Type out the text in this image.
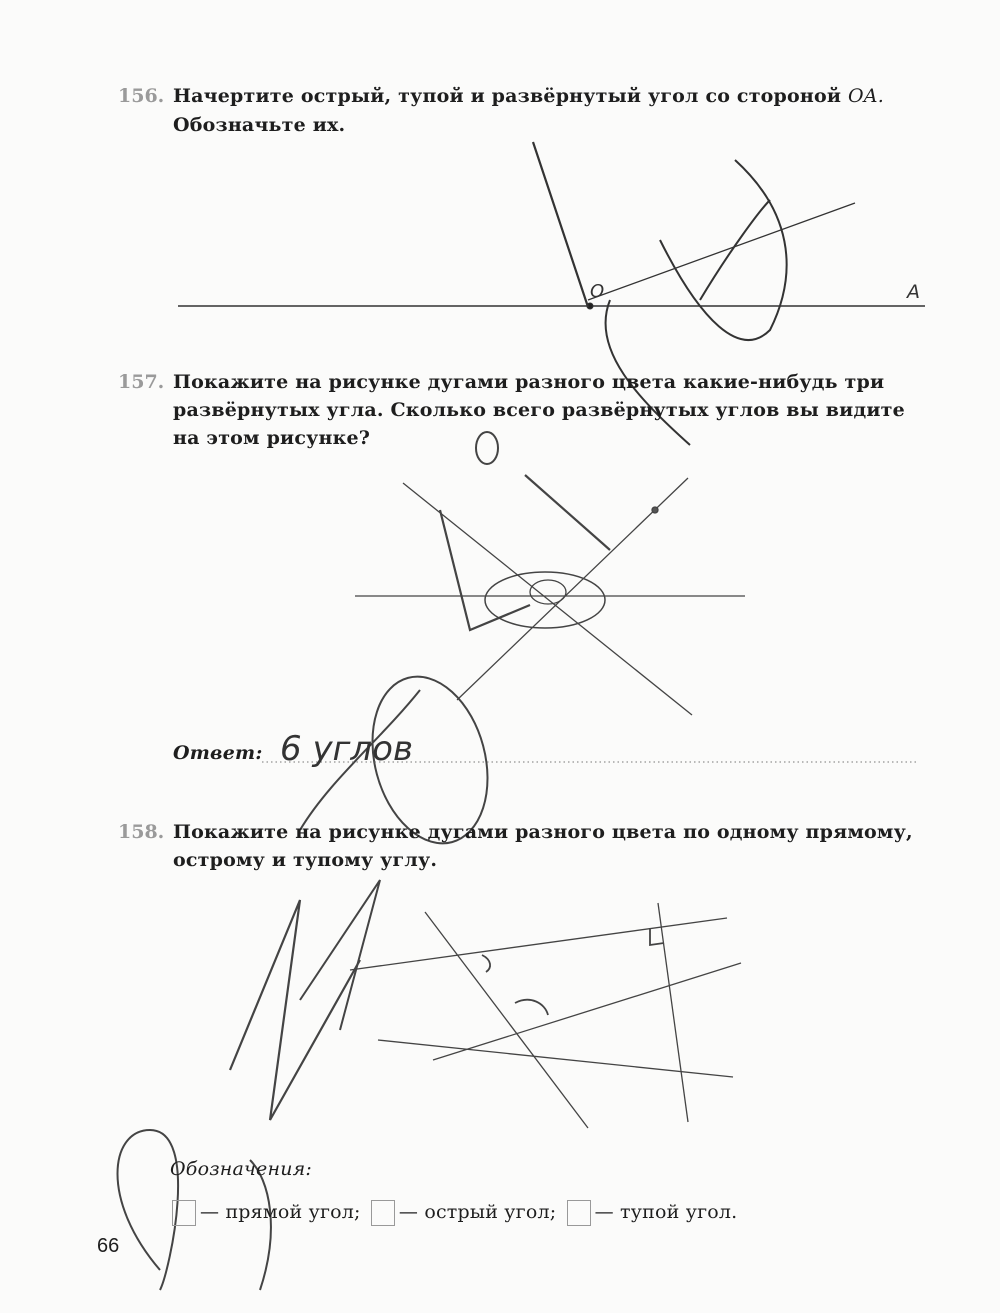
O	A
6 углов
156. Начертите острый, тупой и развёрнутый угол со стороной OA.
Обозначьте их.
157. Покажите на рисунке дугами разного цвета какие-нибудь три
развёрнутых угла. Сколько всего развёрнутых углов вы видите
на этом рисунке?
Ответ:
158. Покажите на рисунке дугами разного цвета по одному прямому,
острому и тупому углу.
Обозначения:
— прямой угол; — острый угол; — тупой угол.
66
